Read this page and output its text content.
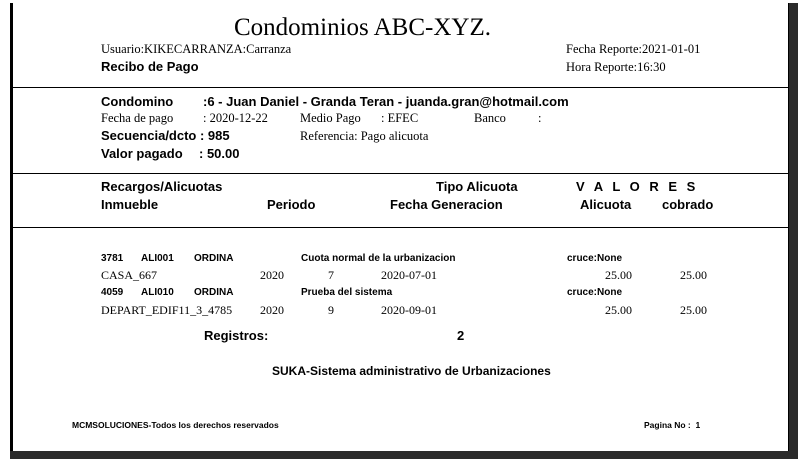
Condominios ABC-XYZ.
Usuario:KIKECARRANZA:Carranza
Recibo de Pago
Fecha Reporte:2021-01-01
Hora Reporte:16:30
Condomino :6 - Juan Daniel - Granda Teran - juanda.gran@hotmail.com
Fecha de pago : 2020-12-22	Medio Pago : EFEC	Banco	:
Secuencia/dcto : 985	Referencia: Pago alicuota
Valor pagado : 50.00
Recargos/Alicuotas	Tipo Alicuota	V A L O R E S
Inmueble	Periodo	Fecha Generacion	Alicuota cobrado
3781 ALI001 ORDINA	Cuota normal de la urbanizacion	cruce:None
CASA_667	2020	7	2020-07-01	25.00	25.00
4059 ALI010 ORDINA	Prueba del sistema	cruce:None
DEPART_EDIF11_3_4785 2020	9	2020-09-01	25.00	25.00
Registros:	2
SUKA-Sistema administrativo de Urbanizaciones
MCMSOLUCIONES-Todos los derechos reservados	Pagina No :  1
